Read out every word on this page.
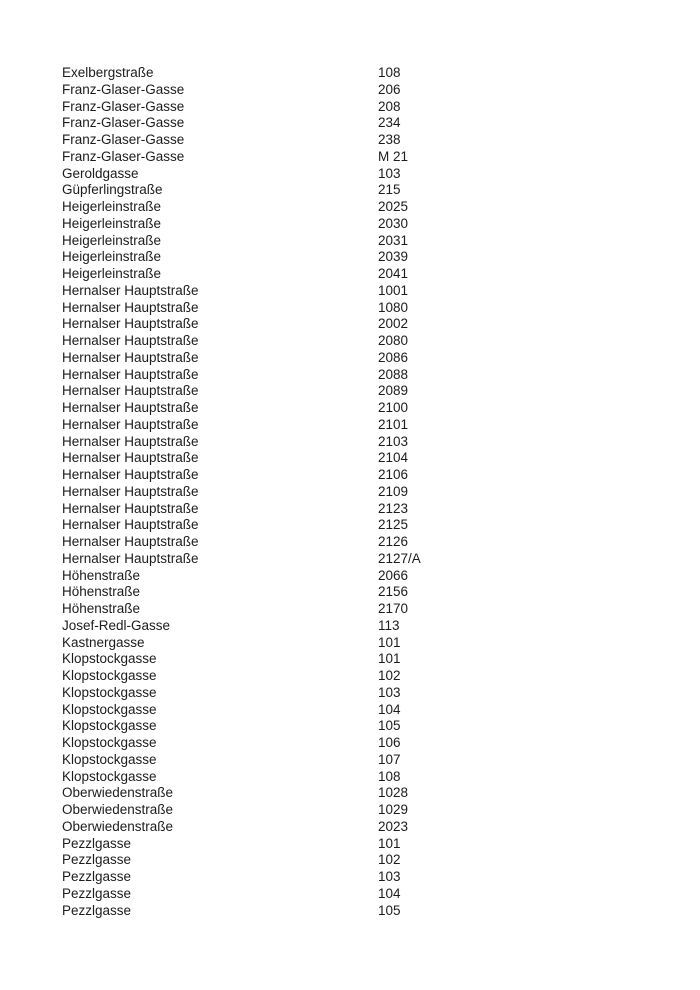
Exelbergstraße	108
Franz-Glaser-Gasse	206
Franz-Glaser-Gasse	208
Franz-Glaser-Gasse	234
Franz-Glaser-Gasse	238
Franz-Glaser-Gasse	M 21
Geroldgasse	103
Güpferlingstraße	215
Heigerleinstraße	2025
Heigerleinstraße	2030
Heigerleinstraße	2031
Heigerleinstraße	2039
Heigerleinstraße	2041
Hernalser Hauptstraße	1001
Hernalser Hauptstraße	1080
Hernalser Hauptstraße	2002
Hernalser Hauptstraße	2080
Hernalser Hauptstraße	2086
Hernalser Hauptstraße	2088
Hernalser Hauptstraße	2089
Hernalser Hauptstraße	2100
Hernalser Hauptstraße	2101
Hernalser Hauptstraße	2103
Hernalser Hauptstraße	2104
Hernalser Hauptstraße	2106
Hernalser Hauptstraße	2109
Hernalser Hauptstraße	2123
Hernalser Hauptstraße	2125
Hernalser Hauptstraße	2126
Hernalser Hauptstraße	2127/A
Höhenstraße	2066
Höhenstraße	2156
Höhenstraße	2170
Josef-Redl-Gasse	113
Kastnergasse	101
Klopstockgasse	101
Klopstockgasse	102
Klopstockgasse	103
Klopstockgasse	104
Klopstockgasse	105
Klopstockgasse	106
Klopstockgasse	107
Klopstockgasse	108
Oberwiedenstraße	1028
Oberwiedenstraße	1029
Oberwiedenstraße	2023
Pezzlgasse	101
Pezzlgasse	102
Pezzlgasse	103
Pezzlgasse	104
Pezzlgasse	105
